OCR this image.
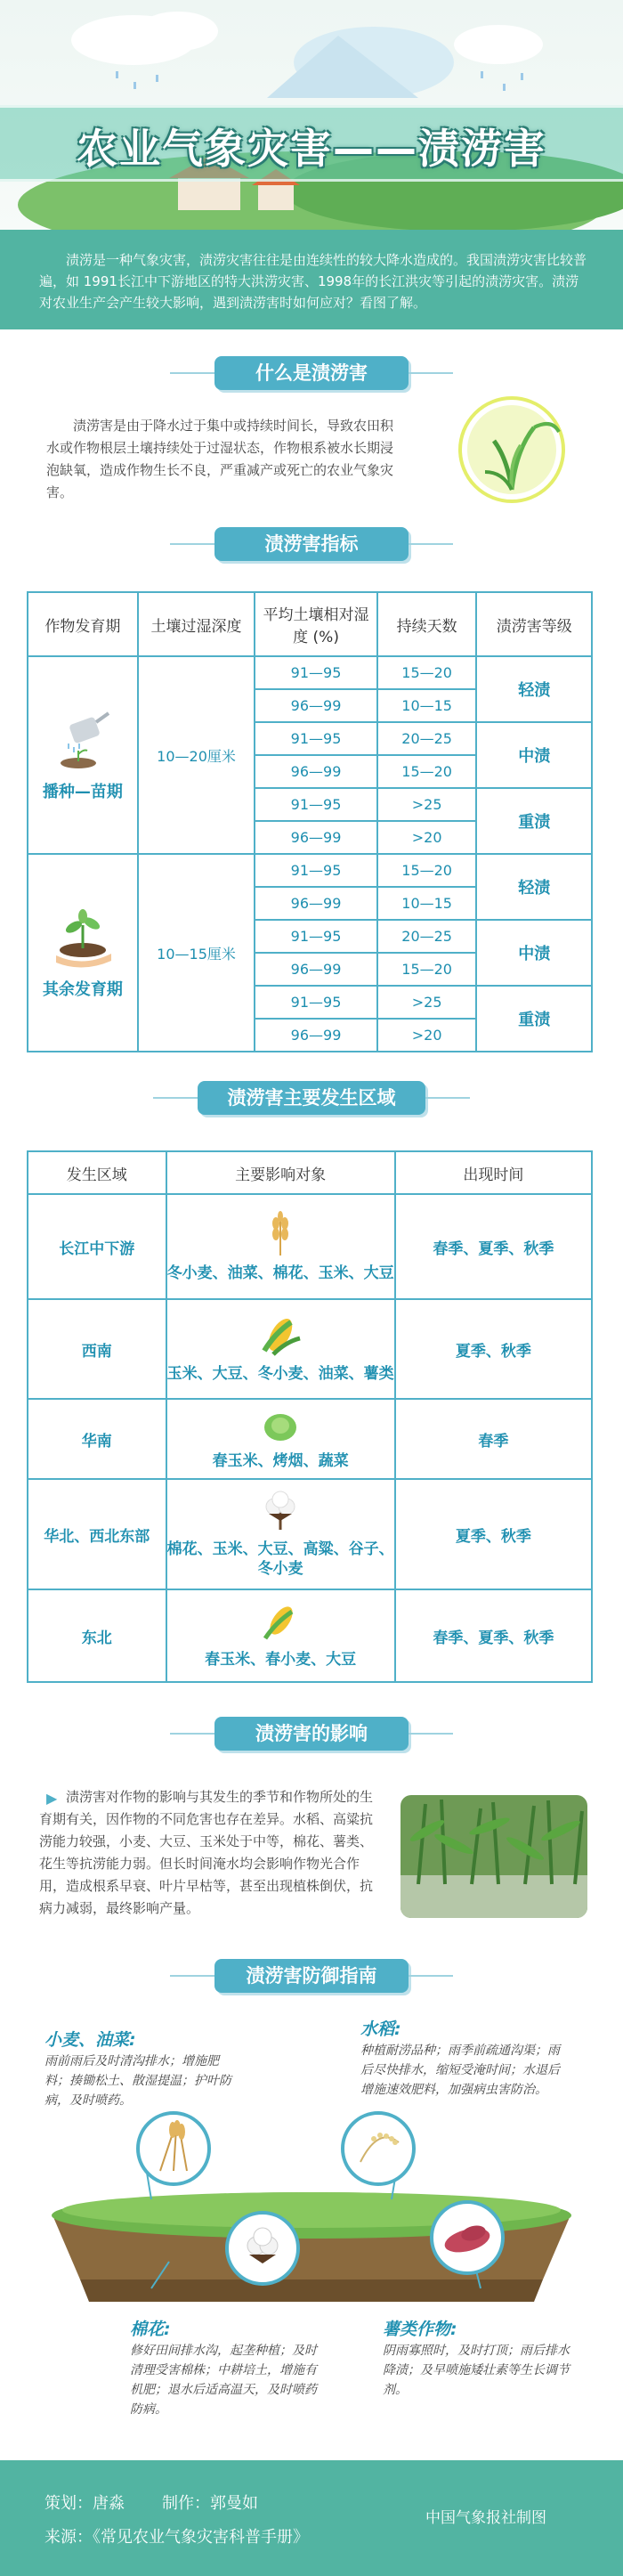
农业气象灾害——渍涝害
渍涝是一种气象灾害，渍涝灾害往往是由连续性的较大降水造成的。我国渍涝灾害比较普遍，如 1991长江中下游地区的特大洪涝灾害、1998年的长江洪灾等引起的渍涝灾害。渍涝对农业生产会产生较大影响，遇到渍涝害时如何应对？看图了解。
什么是渍涝害
渍涝害是由于降水过于集中或持续时间长，导致农田积水或作物根层土壤持续处于过湿状态，作物根系被水长期浸泡缺氧，造成作物生长不良，严重减产或死亡的农业气象灾害。
渍涝害指标
作物发育期	土壤过湿深度	平均土壤相对湿度 (%)	持续天数	渍涝害等级

播种—苗期	10—20厘米	91—95	15—20	轻渍
		96—99	10—15	
		91—95	20—25	中渍
		96—99	15—20	
		91—95	>25	重渍
		96—99	>20	

其余发育期	10—15厘米	91—95	15—20	轻渍
		96—99	10—15	
		91—95	20—25	中渍
		96—99	15—20	
		91—95	>25	重渍
		96—99	>20	
渍涝害主要发生区域
发生区域	主要影响对象	出现时间
长江中下游	冬小麦、油菜、棉花、玉米、大豆	春季、夏季、秋季
西南	玉米、大豆、冬小麦、油菜、薯类	夏季、秋季
华南	春玉米、烤烟、蔬菜	春季
华北、西北东部	棉花、玉米、大豆、高粱、谷子、冬小麦	夏季、秋季
东北	春玉米、春小麦、大豆	春季、夏季、秋季
渍涝害的影响
▶ 渍涝害对作物的影响与其发生的季节和作物所处的生育期有关，因作物的不同危害也存在差异。水稻、高粱抗涝能力较强，小麦、大豆、玉米处于中等，棉花、薯类、花生等抗涝能力弱。但长时间淹水均会影响作物光合作用，造成根系早衰、叶片早枯等，甚至出现植株倒伏，抗病力减弱，最终影响产量。
渍涝害防御指南
小麦、油菜:
雨前雨后及时清沟排水；增施肥料；揍锄松土、散湿提温；护叶防病，及时喷药。
水稻:
种植耐涝品种；雨季前疏通沟渠；雨后尽快排水，缩短受淹时间；水退后增施速效肥料，加强病虫害防治。
棉花:
修好田间排水沟，起垄种植；及时清理受害棉株；中耕培土，增施有机肥；退水后适高温天，及时喷药防病。
薯类作物:
阴雨寡照时，及时打顶；雨后排水降渍；及早喷施矮壮素等生长调节剂。
策划：唐淼 制作：郭曼如
来源：《常见农业气象灾害科普手册》
中国气象报社制图
